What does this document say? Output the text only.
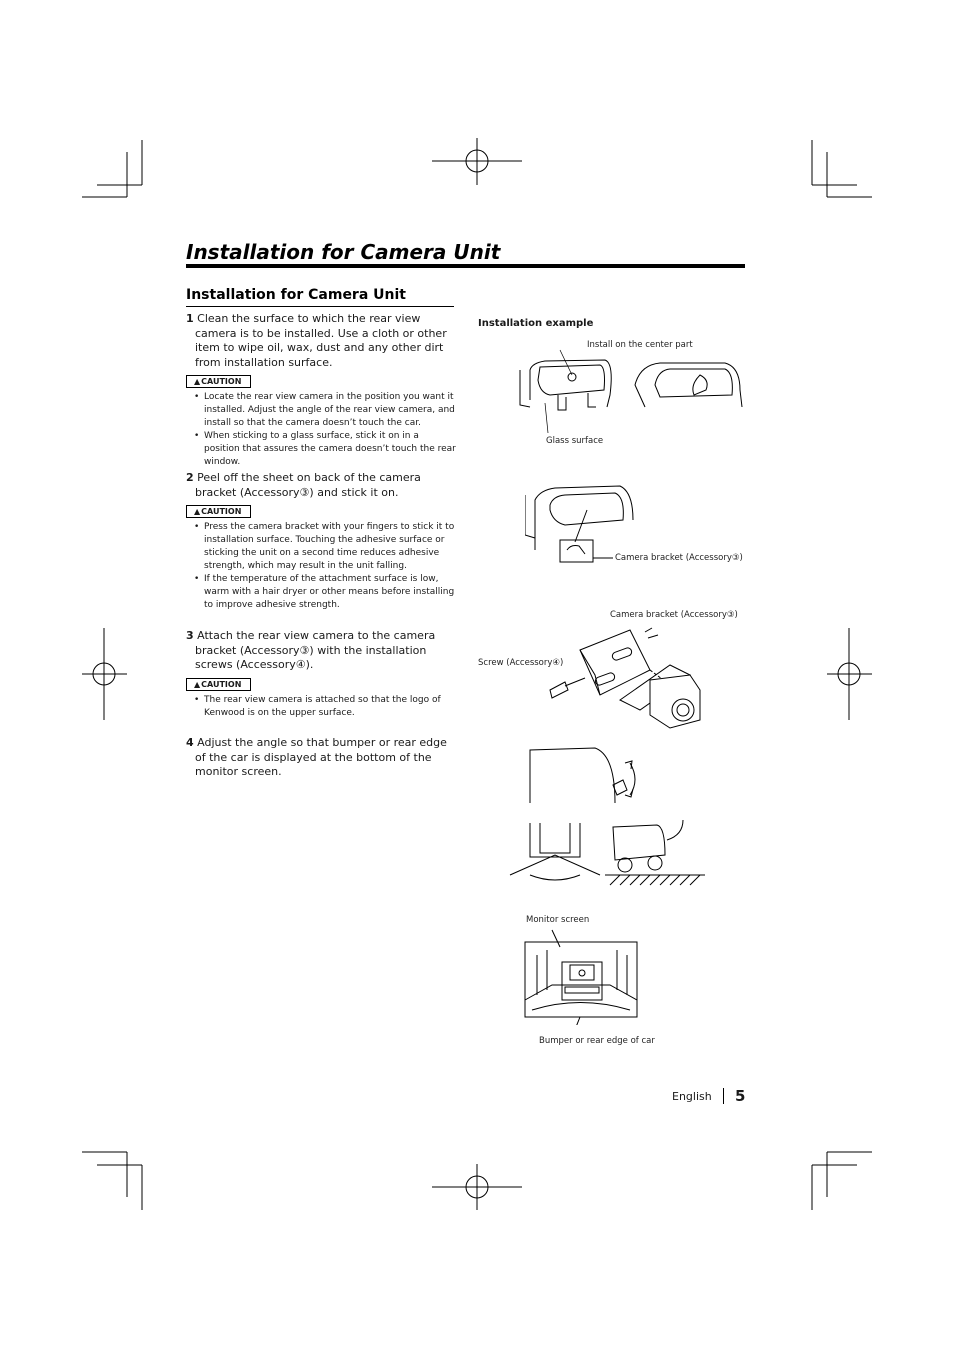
Installation for Camera Unit
Installation for Camera Unit

1 Clean the surface to which the rear view camera is to be installed. Use a cloth or other item to wipe oil, wax, dust and any other dirt from installation surface.

▲CAUTION
• Locate the rear view camera in the position you want it installed. Adjust the angle of the rear view camera, and install so that the camera doesn’t touch the car.
• When sticking to a glass surface, stick it on in a position that assures the camera doesn’t touch the rear window.

2 Peel off the sheet on back of the camera bracket (Accessory③) and stick it on.

▲CAUTION
• Press the camera bracket with your fingers to stick it to installation surface. Touching the adhesive surface or sticking the unit on a second time reduces adhesive strength, which may result in the unit falling.
• If the temperature of the attachment surface is low, warm with a hair dryer or other means before installing to improve adhesive strength.

3 Attach the rear view camera to the camera bracket (Accessory③) with the installation screws (Accessory④).

▲CAUTION
• The rear view camera is attached so that the logo of Kenwood is on the upper surface.

4 Adjust the angle so that bumper or rear edge of the car is displayed at the bottom of the monitor screen.

Installation example
Install on the center part
Glass surface
Camera bracket (Accessory③)
Camera bracket (Accessory③)
Screw (Accessory④)
Monitor screen
Bumper or rear edge of car
English 5
